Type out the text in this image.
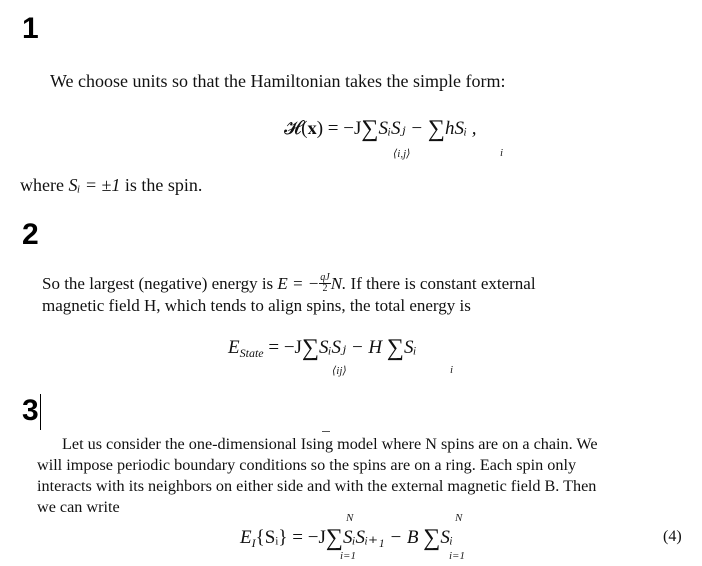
1
We choose units so that the Hamiltonian takes the simple form:
𝓗(𝐱) = −J∑SᵢSⱼ − ∑hSᵢ ,
⟨i,j⟩	i
where Sᵢ = ±1 is the spin.
2
So the largest (negative) energy is E = − $\frac{qJ}{2} N$. If there is constant external
magnetic field H, which tends to align spins, the total energy is
$E_{State}$ = −J∑SᵢSⱼ − H ∑Sᵢ
⟨ij⟩	i
3
Let us consider the one-dimensional Ising model where N spins are on a chain. We
will impose periodic boundary conditions so the spins are on a ring. Each spin only
interacts with its neighbors on either side and with the external magnetic field B. Then
we can write
$E_I\{Sᵢ\}$ = −J∑SᵢSᵢ₊₁ − B ∑Sᵢ
N
i=1
N
i=1
(4)
